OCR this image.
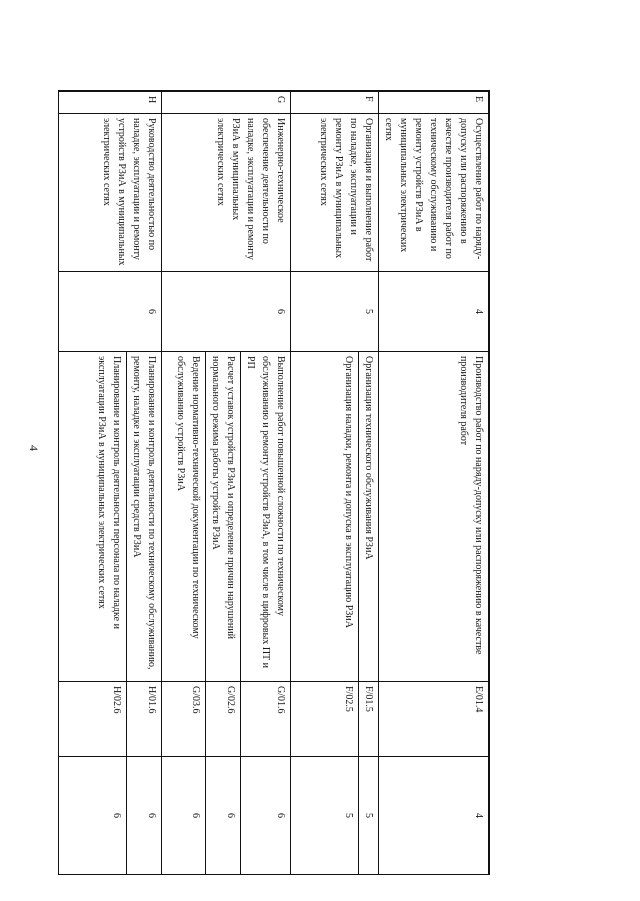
4
E	Осуществление работ по наряду-допуску или распоряжению в качестве производителя работ по техническому обслуживанию и ремонту устройств РЗиА в муниципальных электрических сетях	4	Производство работ по наряду-допуску или распоряжению в качестве производителя работ	E/01.4	4
F	Организация и выполнение работ по наладке, эксплуатации и ремонту РЗиА в муниципальных электрических сетях	5	Организация технического обслуживания РЗиА	F/01.5	5
			Организация наладки, ремонта и допуска в эксплуатацию РЗиА	F/02.5	5
G	Инженерно-техническое обеспечение деятельности по наладке, эксплуатации и ремонту РЗиА в муниципальных электрических сетях	6	Выполнение работ повышенной сложности по техническому обслуживанию и ремонту устройств РЗиА, в том числе в цифровых ПТ и РП	G/01.6	6
			Расчет уставок устройств РЗиА и определение причин нарушений нормального режима работы устройств РЗиА	G/02.6	6
			Ведение нормативно-технической документации по техническому обслуживанию устройств РЗиА	G/03.6	6
H	Руководство деятельностью по наладке, эксплуатации и ремонту устройств РЗиА в муниципальных электрических сетях	6	Планирование и контроль деятельности по техническому обслуживанию, ремонту, наладке и эксплуатации средств РЗиА	H/01.6	6
			Планирование и контроль деятельности персонала по наладке и эксплуатации РЗиА в муниципальных электрических сетях	H/02.6	6
